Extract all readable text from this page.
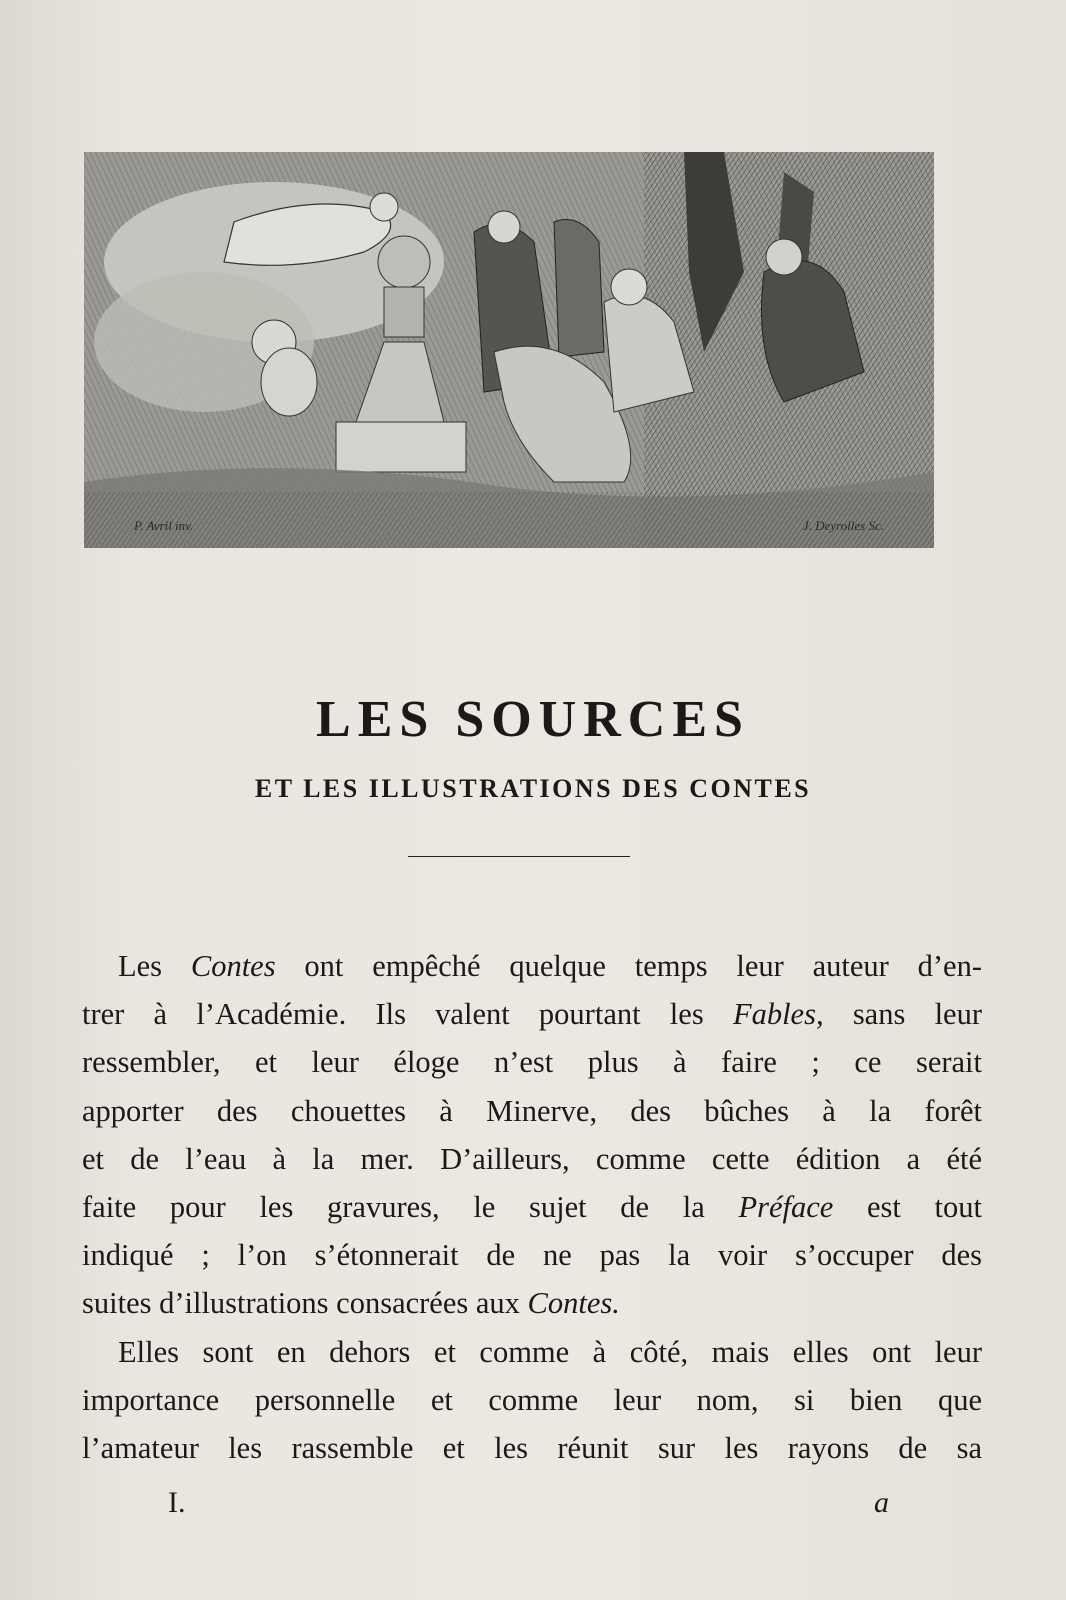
P. Avril inv.	J. Deyrolles Sc.
LES SOURCES
ET LES ILLUSTRATIONS DES CONTES
Les Contes ont empêché quelque temps leur auteur d’en-
trer à l’Académie. Ils valent pourtant les Fables, sans leur
ressembler, et leur éloge n’est plus à faire ; ce serait
apporter des chouettes à Minerve, des bûches à la forêt
et de l’eau à la mer. D’ailleurs, comme cette édition a été
faite pour les gravures, le sujet de la Préface est tout
indiqué ; l’on s’étonnerait de ne pas la voir s’occuper des
suites d’illustrations consacrées aux Contes.
Elles sont en dehors et comme à côté, mais elles ont leur
importance personnelle et comme leur nom, si bien que
l’amateur les rassemble et les réunit sur les rayons de sa
I.	a
